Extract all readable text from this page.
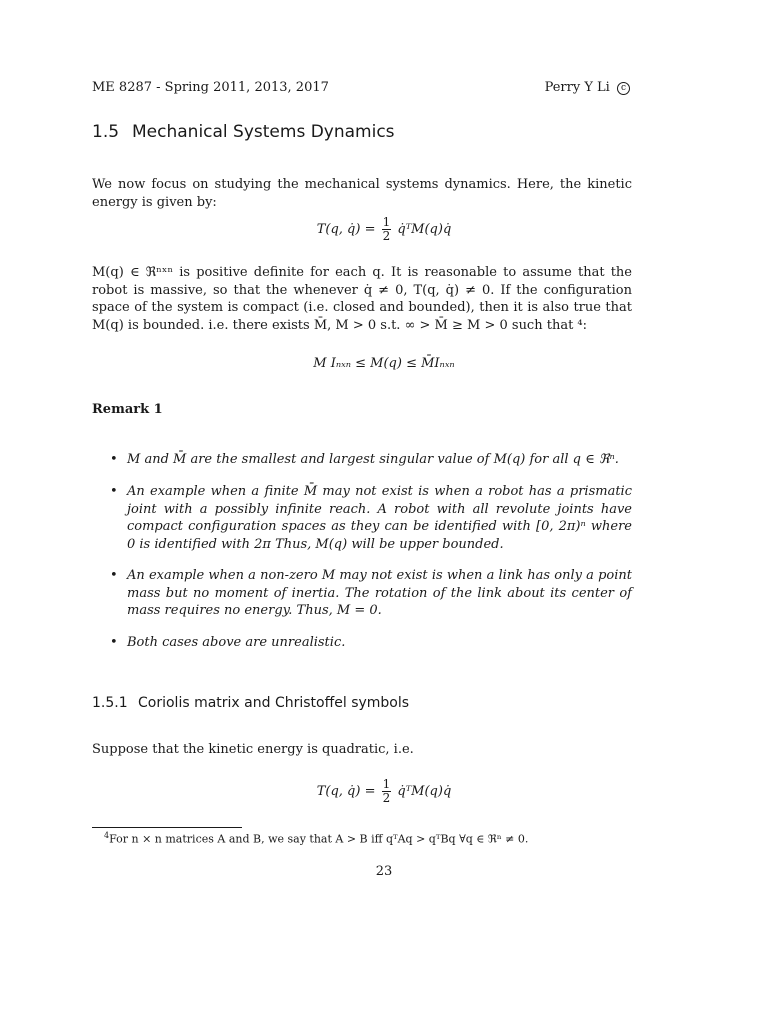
ME 8287 - Spring 2011, 2013, 2017	Perry Y Li c
1.5 Mechanical Systems Dynamics
We now focus on studying the mechanical systems dynamics. Here, the kinetic energy is given by:
T(q, q̇) = $\frac{1}{2}$ q̇ᵀM(q)q̇
M(q) ∈ ℜⁿˣⁿ is positive definite for each q. It is reasonable to assume that the robot is massive, so that the whenever q̇ ≠ 0, T(q, q̇) ≠ 0. If the configuration space of the system is compact (i.e. closed and bounded), then it is also true that M(q) is bounded. i.e. there exists M̄, M > 0 s.t. ∞ > M̄ ≥ M > 0 such that ⁴:
M Iₙₓₙ ≤ M(q) ≤ M̄Iₙₓₙ
Remark 1
• M and M̄ are the smallest and largest singular value of M(q) for all q ∈ ℜⁿ.
• An example when a finite M̄ may not exist is when a robot has a prismatic joint with a possibly infinite reach. A robot with all revolute joints have compact configuration spaces as they can be identified with [0, 2π)ⁿ where 0 is identified with 2π Thus, M(q) will be upper bounded.
• An example when a non-zero M may not exist is when a link has only a point mass but no moment of inertia. The rotation of the link about its center of mass requires no energy. Thus, M = 0.
• Both cases above are unrealistic.
1.5.1 Coriolis matrix and Christoffel symbols
Suppose that the kinetic energy is quadratic, i.e.
T(q, q̇) = $\frac{1}{2}$ q̇ᵀM(q)q̇
$^4$For n × n matrices A and B, we say that A > B iff qᵀAq > qᵀBq ∀q ∈ ℜⁿ ≠ 0.
23
